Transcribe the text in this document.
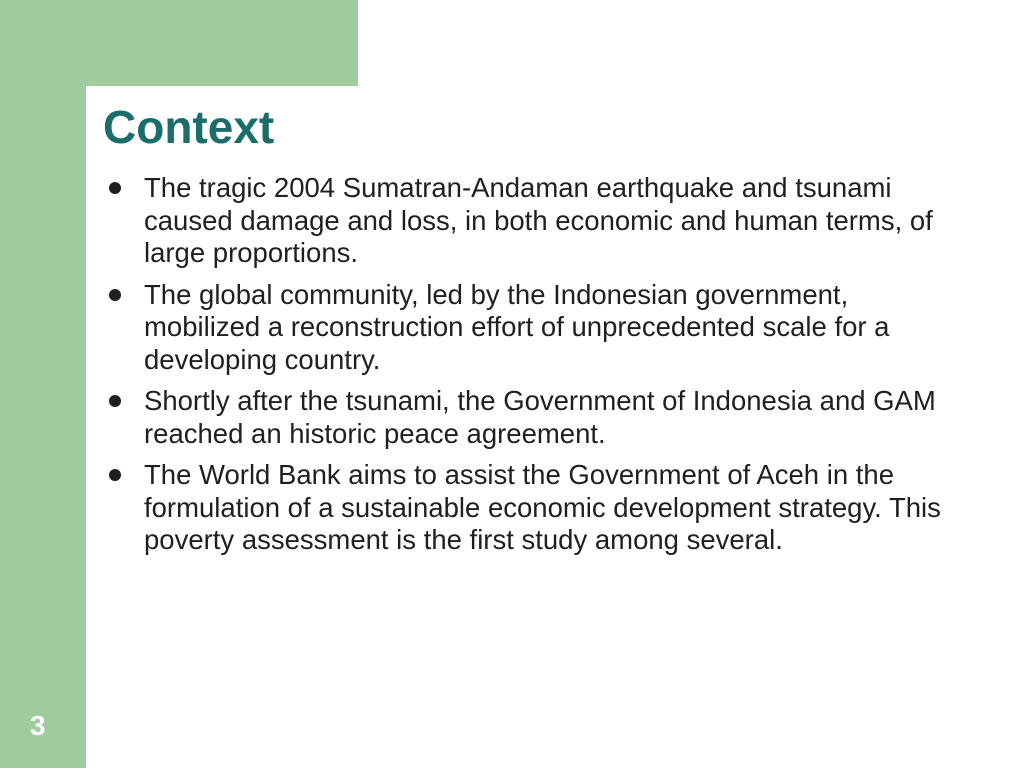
Context
The tragic 2004 Sumatran-Andaman earthquake and tsunami caused damage and loss, in both economic and human terms, of large proportions.
The global community, led by the Indonesian government, mobilized a reconstruction effort of unprecedented scale for a developing country.
Shortly after the tsunami, the Government of Indonesia and GAM reached an historic peace agreement.
The World Bank aims to assist the Government of Aceh in the formulation of a sustainable economic development strategy. This poverty assessment is the first study among several.
3
